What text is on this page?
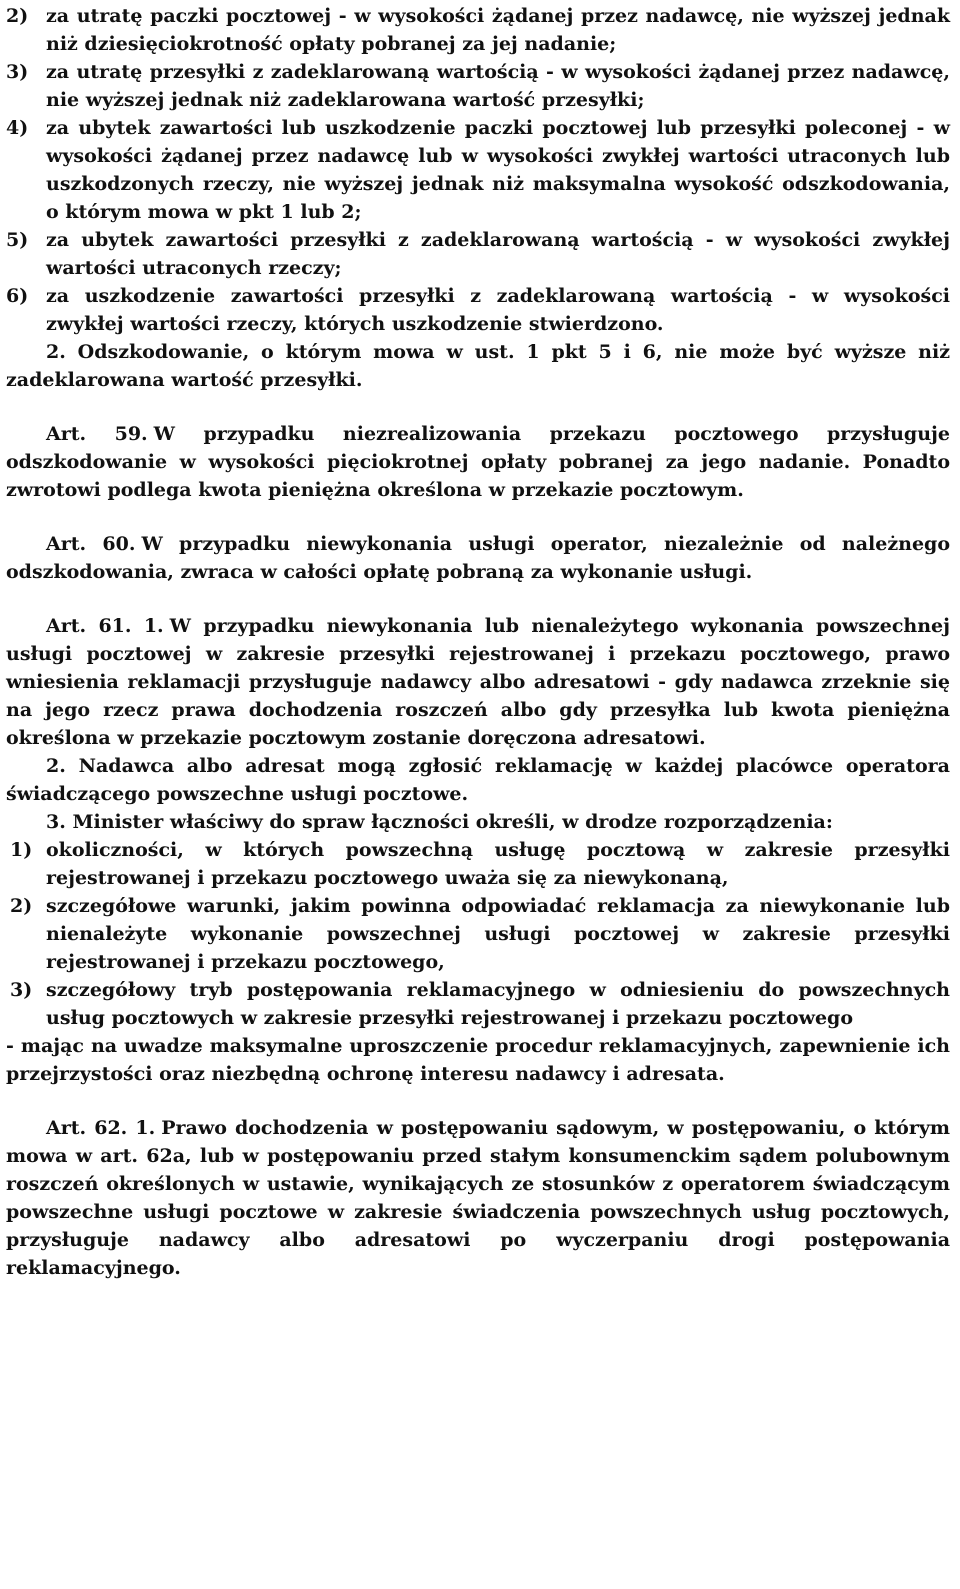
2) za utratę paczki pocztowej - w wysokości żądanej przez nadawcę, nie wyższej jednak niż dziesięciokrotność opłaty pobranej za jej nadanie;
3) za utratę przesyłki z zadeklarowaną wartością - w wysokości żądanej przez nadawcę, nie wyższej jednak niż zadeklarowana wartość przesyłki;
4) za ubytek zawartości lub uszkodzenie paczki pocztowej lub przesyłki poleconej - w wysokości żądanej przez nadawcę lub w wysokości zwykłej wartości utraconych lub uszkodzonych rzeczy, nie wyższej jednak niż maksymalna wysokość odszkodowania, o którym mowa w pkt 1 lub 2;
5) za ubytek zawartości przesyłki z zadeklarowaną wartością - w wysokości zwykłej wartości utraconych rzeczy;
6) za uszkodzenie zawartości przesyłki z zadeklarowaną wartością - w wysokości zwykłej wartości rzeczy, których uszkodzenie stwierdzono.
2. Odszkodowanie, o którym mowa w ust. 1 pkt 5 i 6, nie może być wyższe niż zadeklarowana wartość przesyłki.
Art. 59. W przypadku niezrealizowania przekazu pocztowego przysługuje odszkodowanie w wysokości pięciokrotnej opłaty pobranej za jego nadanie. Ponadto zwrotowi podlega kwota pieniężna określona w przekazie pocztowym.
Art. 60. W przypadku niewykonania usługi operator, niezależnie od należnego odszkodowania, zwraca w całości opłatę pobraną za wykonanie usługi.
Art. 61. 1. W przypadku niewykonania lub nienależytego wykonania powszechnej usługi pocztowej w zakresie przesyłki rejestrowanej i przekazu pocztowego, prawo wniesienia reklamacji przysługuje nadawcy albo adresatowi - gdy nadawca zrzeknie się na jego rzecz prawa dochodzenia roszczeń albo gdy przesyłka lub kwota pieniężna określona w przekazie pocztowym zostanie doręczona adresatowi.
2. Nadawca albo adresat mogą zgłosić reklamację w każdej placówce operatora świadczącego powszechne usługi pocztowe.
3. Minister właściwy do spraw łączności określi, w drodze rozporządzenia:
1) okoliczności, w których powszechną usługę pocztową w zakresie przesyłki rejestrowanej i przekazu pocztowego uważa się za niewykonaną,
2) szczegółowe warunki, jakim powinna odpowiadać reklamacja za niewykonanie lub nienależyte wykonanie powszechnej usługi pocztowej w zakresie przesyłki rejestrowanej i przekazu pocztowego,
3) szczegółowy tryb postępowania reklamacyjnego w odniesieniu do powszechnych usług pocztowych w zakresie przesyłki rejestrowanej i przekazu pocztowego
- mając na uwadze maksymalne uproszczenie procedur reklamacyjnych, zapewnienie ich przejrzystości oraz niezbędną ochronę interesu nadawcy i adresata.
Art. 62. 1. Prawo dochodzenia w postępowaniu sądowym, w postępowaniu, o którym mowa w art. 62a, lub w postępowaniu przed stałym konsumenckim sądem polubownym roszczeń określonych w ustawie, wynikających ze stosunków z operatorem świadczącym powszechne usługi pocztowe w zakresie świadczenia powszechnych usług pocztowych, przysługuje nadawcy albo adresatowi po wyczerpaniu drogi postępowania reklamacyjnego.
